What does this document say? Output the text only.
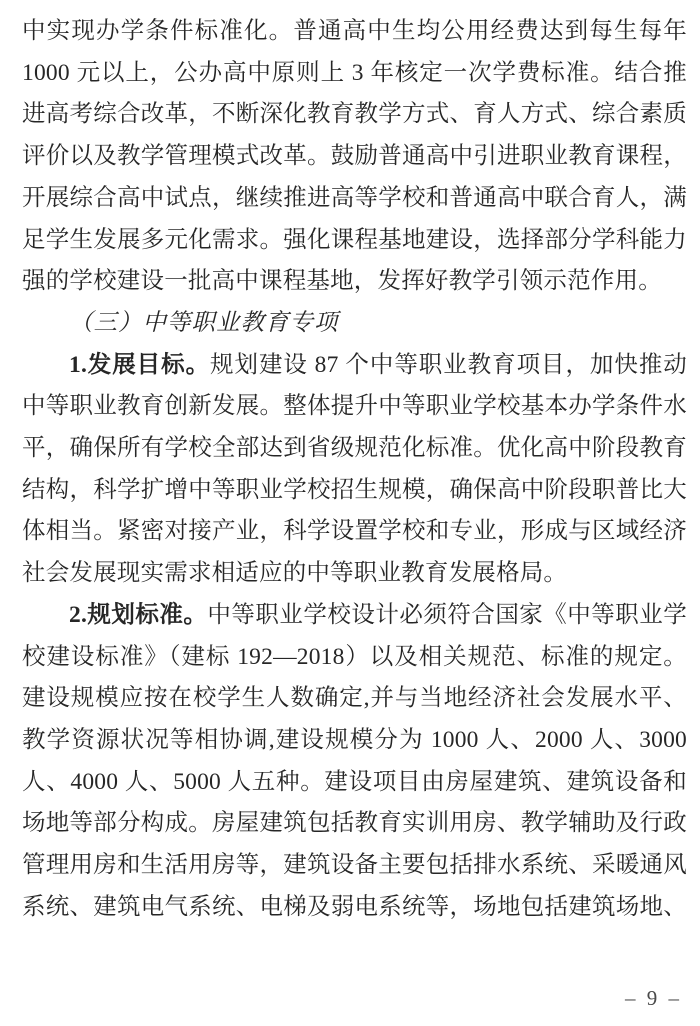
中实现办学条件标准化。普通高中生均公用经费达到每生每年
1000 元以上，公办高中原则上 3 年核定一次学费标准。结合推
进高考综合改革，不断深化教育教学方式、育人方式、综合素质
评价以及教学管理模式改革。鼓励普通高中引进职业教育课程，
开展综合高中试点，继续推进高等学校和普通高中联合育人，满
足学生发展多元化需求。强化课程基地建设，选择部分学科能力
强的学校建设一批高中课程基地，发挥好教学引领示范作用。
（三）中等职业教育专项
1.发展目标。规划建设 87 个中等职业教育项目，加快推动
中等职业教育创新发展。整体提升中等职业学校基本办学条件水
平，确保所有学校全部达到省级规范化标准。优化高中阶段教育
结构，科学扩增中等职业学校招生规模，确保高中阶段职普比大
体相当。紧密对接产业，科学设置学校和专业，形成与区域经济
社会发展现实需求相适应的中等职业教育发展格局。
2.规划标准。中等职业学校设计必须符合国家《中等职业学
校建设标准》（建标 192—2018）以及相关规范、标准的规定。
建设规模应按在校学生人数确定,并与当地经济社会发展水平、
教学资源状况等相协调,建设规模分为 1000 人、2000 人、3000
人、4000 人、5000 人五种。建设项目由房屋建筑、建筑设备和
场地等部分构成。房屋建筑包括教育实训用房、教学辅助及行政
管理用房和生活用房等，建筑设备主要包括排水系统、采暖通风
系统、建筑电气系统、电梯及弱电系统等，场地包括建筑场地、
– 9 –
